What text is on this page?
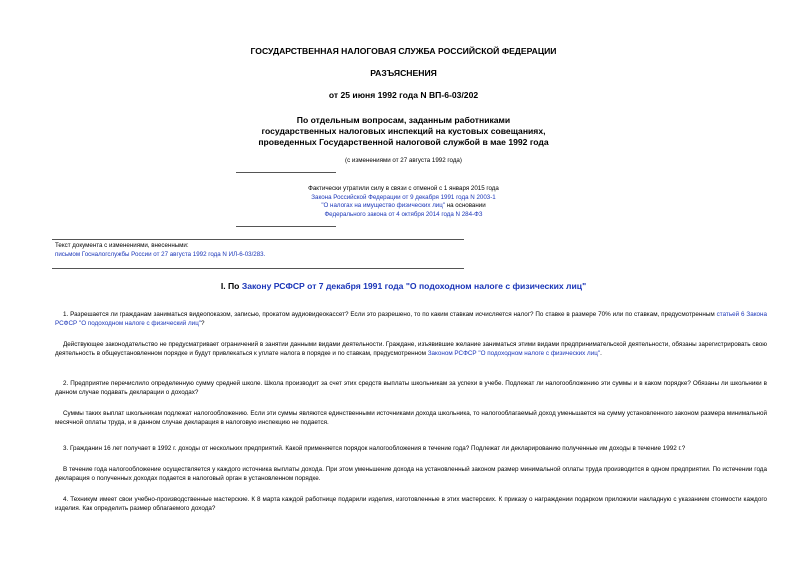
ГОСУДАРСТВЕННАЯ НАЛОГОВАЯ СЛУЖБА РОССИЙСКОЙ ФЕДЕРАЦИИ
РАЗЪЯСНЕНИЯ
от 25 июня 1992 года N ВП-6-03/202
По отдельным вопросам, заданным работниками
государственных налоговых инспекций на кустовых совещаниях,
проведенных Государственной налоговой службой в мае 1992 года
(с изменениями от 27 августа 1992 года)
Фактически утратили силу в связи с отменой с 1 января 2015 года
Закона Российской Федерации от 9 декабря 1991 года N 2003-1
"О налогах на имущество физических лиц" на основании
Федерального закона от 4 октября 2014 года N 284-ФЗ
Текст документа с изменениями, внесенными:
письмом Госналогслужбы России от 27 августа 1992 года N ИЛ-6-03/283.
I. По Закону РСФСР от 7 декабря 1991 года "О подоходном налоге с физических лиц"
1. Разрешается ли гражданам заниматься видеопоказом, записью, прокатом аудиовидеокассет? Если это разрешено, то по каким ставкам исчисляется налог? По ставке в размере 70% или по ставкам, предусмотренным статьей 6 Закона РСФСР "О подоходном налоге с физический лиц"?
Действующее законодательство не предусматривает ограничений в занятии данными видами деятельности. Граждане, изъявившие желание заниматься этими видами предпринимательской деятельности, обязаны зарегистрировать свою деятельность в общеустановленном порядке и будут привлекаться к уплате налога в порядке и по ставкам, предусмотренном Законом РСФСР "О подоходном налоге с физических лиц".
2. Предприятие перечислило определенную сумму средней школе. Школа производит за счет этих средств выплаты школьникам за успехи в учебе. Подлежат ли налогообложению эти суммы и в каком порядке? Обязаны ли школьники в данном случае подавать декларации о доходах?
Суммы таких выплат школьникам подлежат налогообложению. Если эти суммы являются единственными источниками дохода школьника, то налогооблагаемый доход уменьшается на сумму установленного законом размера минимальной месячной оплаты труда, и в данном случае декларация в налоговую инспекцию не подается.
3. Гражданин 16 лет получает в 1992 г. доходы от нескольких предприятий. Какой применяется порядок налогообложения в течение года? Подлежат ли декларированию полученные им доходы в течение 1992 г.?
В течение года налогообложение осуществляется у каждого источника выплаты дохода. При этом уменьшение дохода на установленный законом размер минимальной оплаты труда производится в одном предприятии. По истечении года декларация о полученных доходах подается в налоговый орган в установленном порядке.
4. Техникум имеет свои учебно-производственные мастерские. К 8 марта каждой работнице подарили изделия, изготовленные в этих мастерских. К приказу о награждении подарком приложили накладную с указанием стоимости каждого изделия. Как определить размер облагаемого дохода?
